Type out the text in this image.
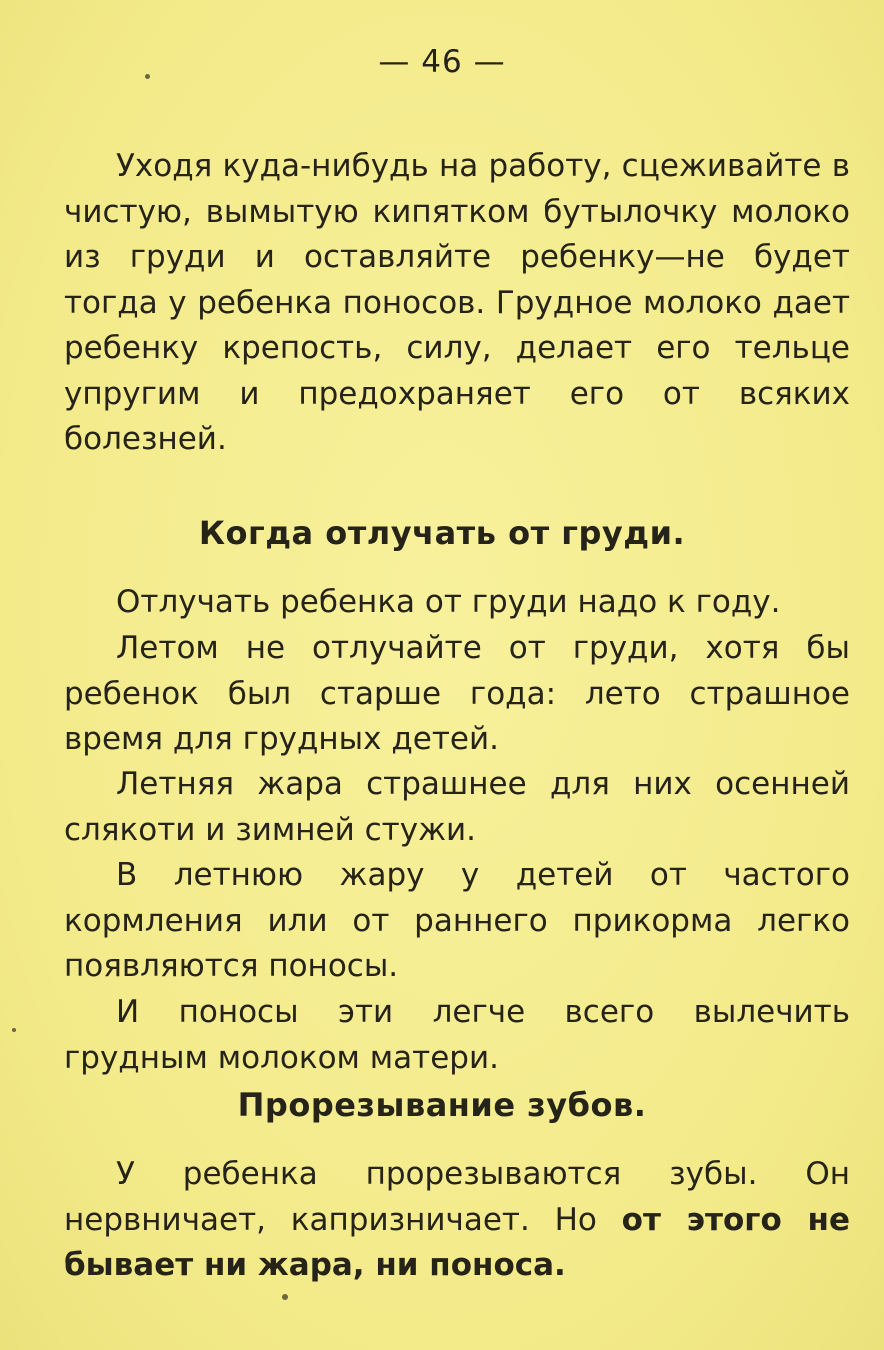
— 46 —

Уходя куда-нибудь на работу, сцеживайте в чистую, вымытую кипятком бутылочку молоко из груди и оставляйте ребенку—не будет тогда у ребенка поносов. Грудное молоко дает ребенку крепость, силу, делает его тельце упругим и предохраняет его от всяких болезней.

Когда отлучать от груди.

Отлучать ребенка от груди надо к году.

Летом не отлучайте от груди, хотя бы ребенок был старше года: лето страшное время для грудных детей.

Летняя жара страшнее для них осенней слякоти и зимней стужи.

В летнюю жару у детей от частого кормления или от раннего прикорма легко появляются поносы.

И поносы эти легче всего вылечить грудным молоком матери.

Прорезывание зубов.

У ребенка прорезываются зубы. Он нервничает, капризничает. Но от этого не бывает ни жара, ни поноса.
